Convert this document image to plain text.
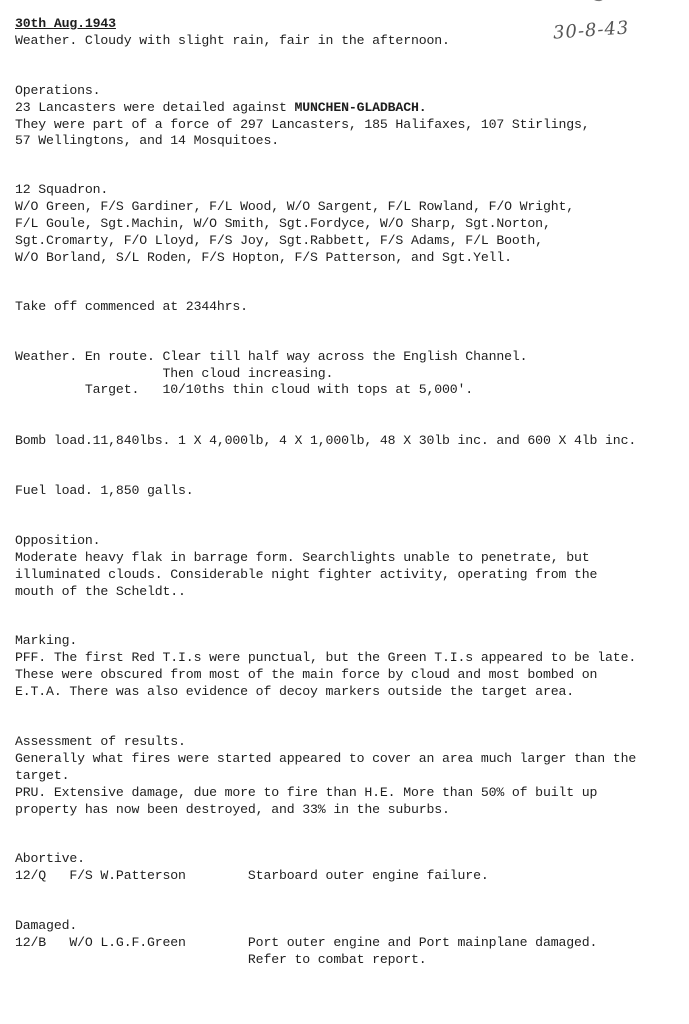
30-8-43
30th Aug.1943
Weather. Cloudy with slight rain, fair in the afternoon.
Operations.
23 Lancasters were detailed against MUNCHEN-GLADBACH.
They were part of a force of 297 Lancasters, 185 Halifaxes, 107 Stirlings,
57 Wellingtons, and 14 Mosquitoes.
12 Squadron.
W/O Green, F/S Gardiner, F/L Wood, W/O Sargent, F/L Rowland, F/O Wright,
F/L Goule, Sgt.Machin, W/O Smith, Sgt.Fordyce, W/O Sharp, Sgt.Norton,
Sgt.Cromarty, F/O Lloyd, F/S Joy, Sgt.Rabbett, F/S Adams, F/L Booth,
W/O Borland, S/L Roden, F/S Hopton, F/S Patterson, and Sgt.Yell.
Take off commenced at 2344hrs.
Weather. En route. Clear till half way across the English Channel.
Then cloud increasing.
Target.   10/10ths thin cloud with tops at 5,000'.
Bomb load.11,840lbs. 1 X 4,000lb, 4 X 1,000lb, 48 X 30lb inc. and 600 X 4lb inc.
Fuel load. 1,850 galls.
Opposition.
Moderate heavy flak in barrage form. Searchlights unable to penetrate, but
illuminated clouds. Considerable night fighter activity, operating from the
mouth of the Scheldt..
Marking.
PFF. The first Red T.I.s were punctual, but the Green T.I.s appeared to be late.
These were obscured from most of the main force by cloud and most bombed on
E.T.A. There was also evidence of decoy markers outside the target area.
Assessment of results.
Generally what fires were started appeared to cover an area much larger than the
target.
PRU. Extensive damage, due more to fire than H.E. More than 50% of built up
property has now been destroyed, and 33% in the suburbs.
Abortive.
12/Q   F/S W.Patterson        Starboard outer engine failure.
Damaged.
12/B   W/O L.G.F.Green        Port outer engine and Port mainplane damaged.
Refer to combat report.
